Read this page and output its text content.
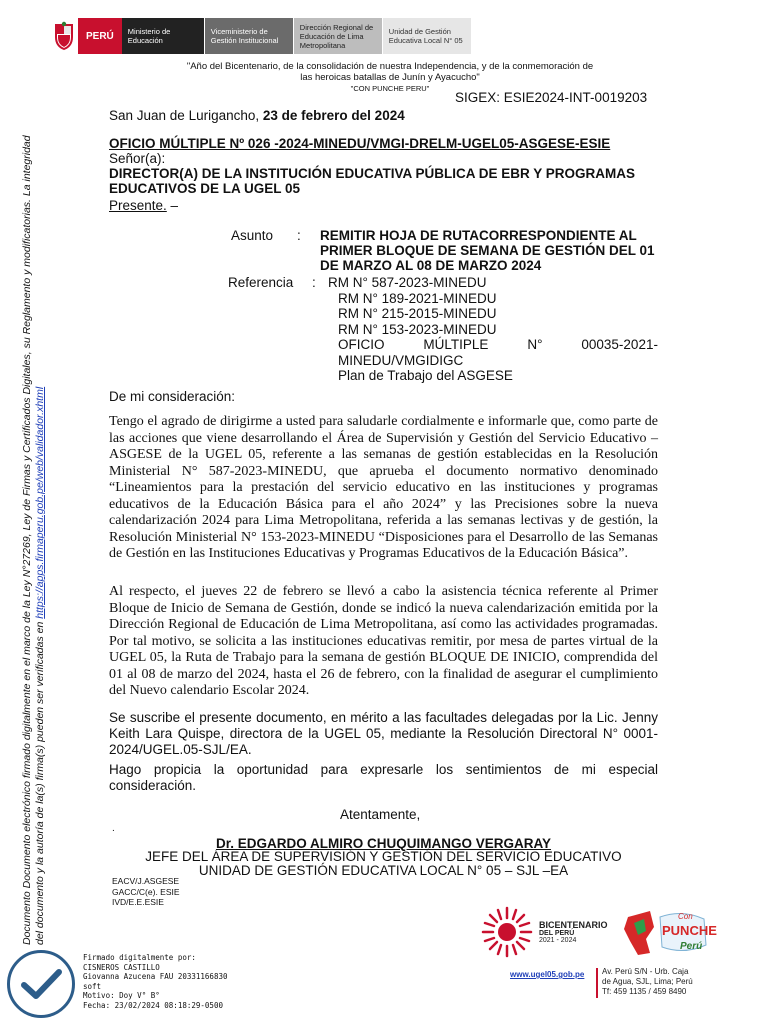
PERÚ	Ministerio de Educación
Viceministerio de Gestión Institucional
Dirección Regional de Educación de Lima Metropolitana
Unidad de Gestión Educativa Local N° 05
"Año del Bicentenario, de la consolidación de nuestra Independencia, y de la conmemoración de
las heroicas batallas de Junín y Ayacucho"
"CON PUNCHE PERU"
SIGEX: ESIE2024-INT-0019203
San Juan de Lurigancho, 23 de febrero del 2024
OFICIO MÚLTIPLE Nº 026 -2024-MINEDU/VMGI-DRELM-UGEL05-ASGESE-ESIE
Señor(a):
DIRECTOR(A) DE LA INSTITUCIÓN EDUCATIVA PÚBLICA DE EBR Y PROGRAMAS EDUCATIVOS DE LA UGEL 05
Presente. –
Asunto : REMITIR HOJA DE RUTACORRESPONDIENTE AL PRIMER BLOQUE DE SEMANA DE GESTIÓN DEL 01 DE MARZO AL 08 DE MARZO 2024
Referencia : RM N° 587-2023-MINEDU
RM N° 189-2021-MINEDU
RM N° 215-2015-MINEDU
RM N° 153-2023-MINEDU
OFICIO	MÚLTIPLE	N°	00035-2021-
MINEDU/VMGIDIGC
Plan de Trabajo del ASGESE
De mi consideración:
Tengo el agrado de dirigirme a usted para saludarle cordialmente e informarle que, como parte de las acciones que viene desarrollando el Área de Supervisión y Gestión del Servicio Educativo – ASGESE de la UGEL 05, referente a las semanas de gestión establecidas en la Resolución Ministerial N° 587-2023-MINEDU, que aprueba el documento normativo denominado “Lineamientos para la prestación del servicio educativo en las instituciones y programas educativos de la Educación Básica para el año 2024” y las Precisiones sobre la nueva calendarización 2024 para Lima Metropolitana, referida a las semanas lectivas y de gestión, la Resolución Ministerial N° 153-2023-MINEDU “Disposiciones para el Desarrollo de las Semanas de Gestión en las Instituciones Educativas y Programas Educativos de la Educación Básica”.
Al respecto, el jueves 22 de febrero se llevó a cabo la asistencia técnica referente al Primer Bloque de Inicio de Semana de Gestión, donde se indicó la nueva calendarización emitida por la Dirección Regional de Educación de Lima Metropolitana, así como las actividades programadas. Por tal motivo, se solicita a las instituciones educativas remitir, por mesa de partes virtual de la UGEL 05, la Ruta de Trabajo para la semana de gestión BLOQUE DE INICIO, comprendida del 01 al 08 de marzo del 2024, hasta el 26 de febrero, con la finalidad de asegurar el cumplimiento del Nuevo calendario Escolar 2024.
Se suscribe el presente documento, en mérito a las facultades delegadas por la Lic. Jenny Keith Lara Quispe, directora de la UGEL 05, mediante la Resolución Directoral N° 0001- 2024/UGEL.05-SJL/EA.
Hago propicia la oportunidad para expresarle los sentimientos de mi especial consideración.
Atentamente,
.
Dr. EDGARDO ALMIRO CHUQUIMANGO VERGARAY
JEFE DEL ÁREA DE SUPERVISIÓN Y GESTIÓN DEL SERVICIO EDUCATIVO
UNIDAD DE GESTIÓN EDUCATIVA LOCAL N° 05 – SJL –EA
EACV/J.ASGESE
GACC/C(e). ESIE
IVD/E.E.ESIE
Documento Documento electrónico firmado digitalmente en el marco de la Ley N°27269, Ley de Firmas y Certificados Digitales, su Reglamento y modificatorias. La integridad del documento y la autoría de la(s) firma(s) pueden ser verificadas en https://apps.firmaperu.gob.pe/web/validador.xhtml
Firmado digitalmente por:
CISNEROS CASTILLO
Giovanna Azucena FAU 20331166830
soft
Motivo: Doy V° B°
Fecha: 23/02/2024 08:18:29-0500
BICENTENARIO
DEL PERÚ
2021 - 2024
Con
PUNCHE
Perú
www.ugel05.gob.pe Av. Perú S/N - Urb. Caja
de Agua, SJL, Lima; Perú
Tf: 459 1135 / 459 8490
